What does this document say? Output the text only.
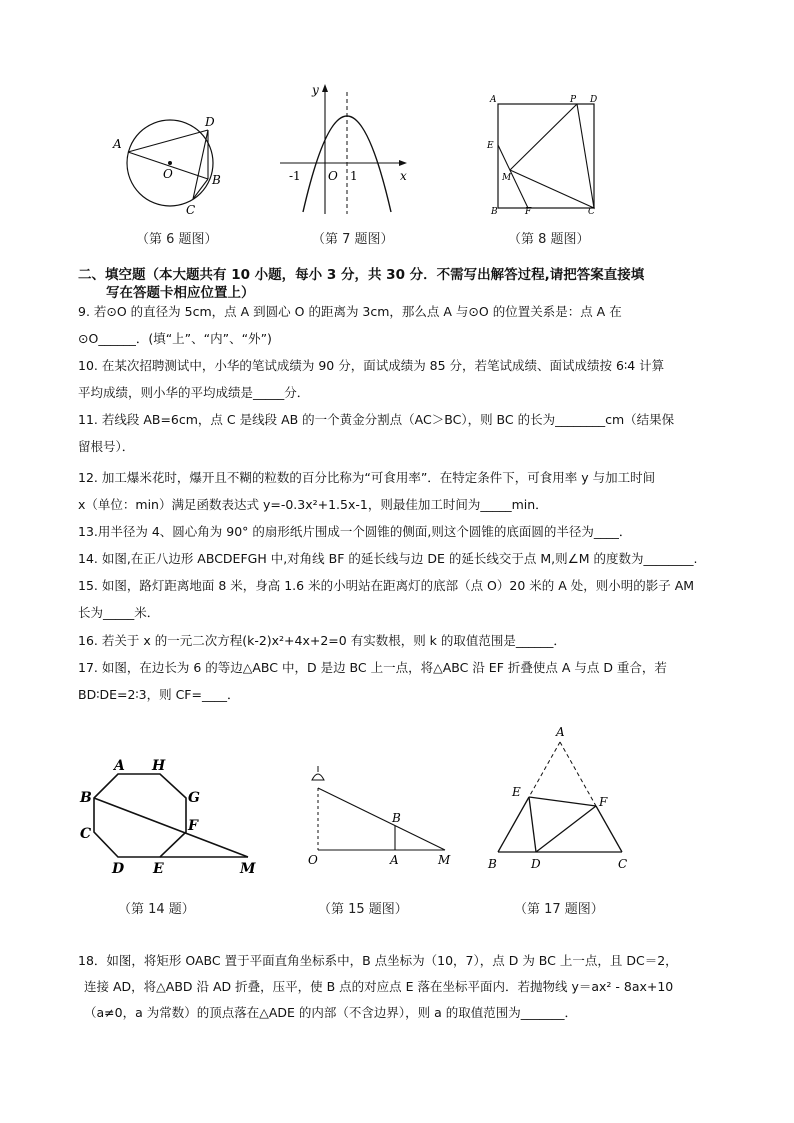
A
D
O	B
C
（第 6 题图）
y
x
O
-1	1
（第 7 题图）
A	P D
E
M
B	F	C
（第 8 题图）
二、填空题（本大题共有 10 小题，每小 3 分，共 30 分．不需写出解答过程,请把答案直接填
写在答题卡相应位置上）
9. 若⊙O 的直径为 5cm，点 A 到圆心 O 的距离为 3cm，那么点 A 与⊙O 的位置关系是：点 A 在
⊙O______．(填“上”、“内”、“外”)
10. 在某次招聘测试中，小华的笔试成绩为 90 分，面试成绩为 85 分，若笔试成绩、面试成绩按 6∶4 计算
平均成绩，则小华的平均成绩是_____分．
11. 若线段 AB=6cm，点 C 是线段 AB 的一个黄金分割点（AC＞BC），则 BC 的长为________cm（结果保
留根号）．
12. 加工爆米花时，爆开且不糊的粒数的百分比称为“可食用率”．在特定条件下，可食用率 y 与加工时间
x（单位：min）满足函数表达式 y=-0.3x²+1.5x-1，则最佳加工时间为_____min．
13.用半径为 4、圆心角为 90° 的扇形纸片围成一个圆锥的侧面,则这个圆锥的底面圆的半径为____．
14. 如图,在正八边形 ABCDEFGH 中,对角线 BF 的延长线与边 DE 的延长线交于点 M,则∠M 的度数为________.
15. 如图，路灯距离地面 8 米，身高 1.6 米的小明站在距离灯的底部（点 O）20 米的 A 处，则小明的影子 AM
长为_____米．
16. 若关于 x 的一元二次方程(k-2)x²+4x+2=0 有实数根，则 k 的取值范围是______．
17. 如图，在边长为 6 的等边△ABC 中，D 是边 BC 上一点，将△ABC 沿 EF 折叠使点 A 与点 D 重合，若
BD∶DE=2∶3，则 CF=____．
A H
B	G
C	F
D E	M
（第 14 题）
B
O	A	M
（第 15 题图）
A
E
F
B	D	C
（第 17 题图）
18．如图，将矩形 OABC 置于平面直角坐标系中，B 点坐标为（10，7），点 D 为 BC 上一点，且 DC＝2，
连接 AD，将△ABD 沿 AD 折叠，压平，使 B 点的对应点 E 落在坐标平面内．若抛物线 y＝ax² - 8ax+10
（a≠0，a 为常数）的顶点落在△ADE 的内部（不含边界），则 a 的取值范围为_______．
